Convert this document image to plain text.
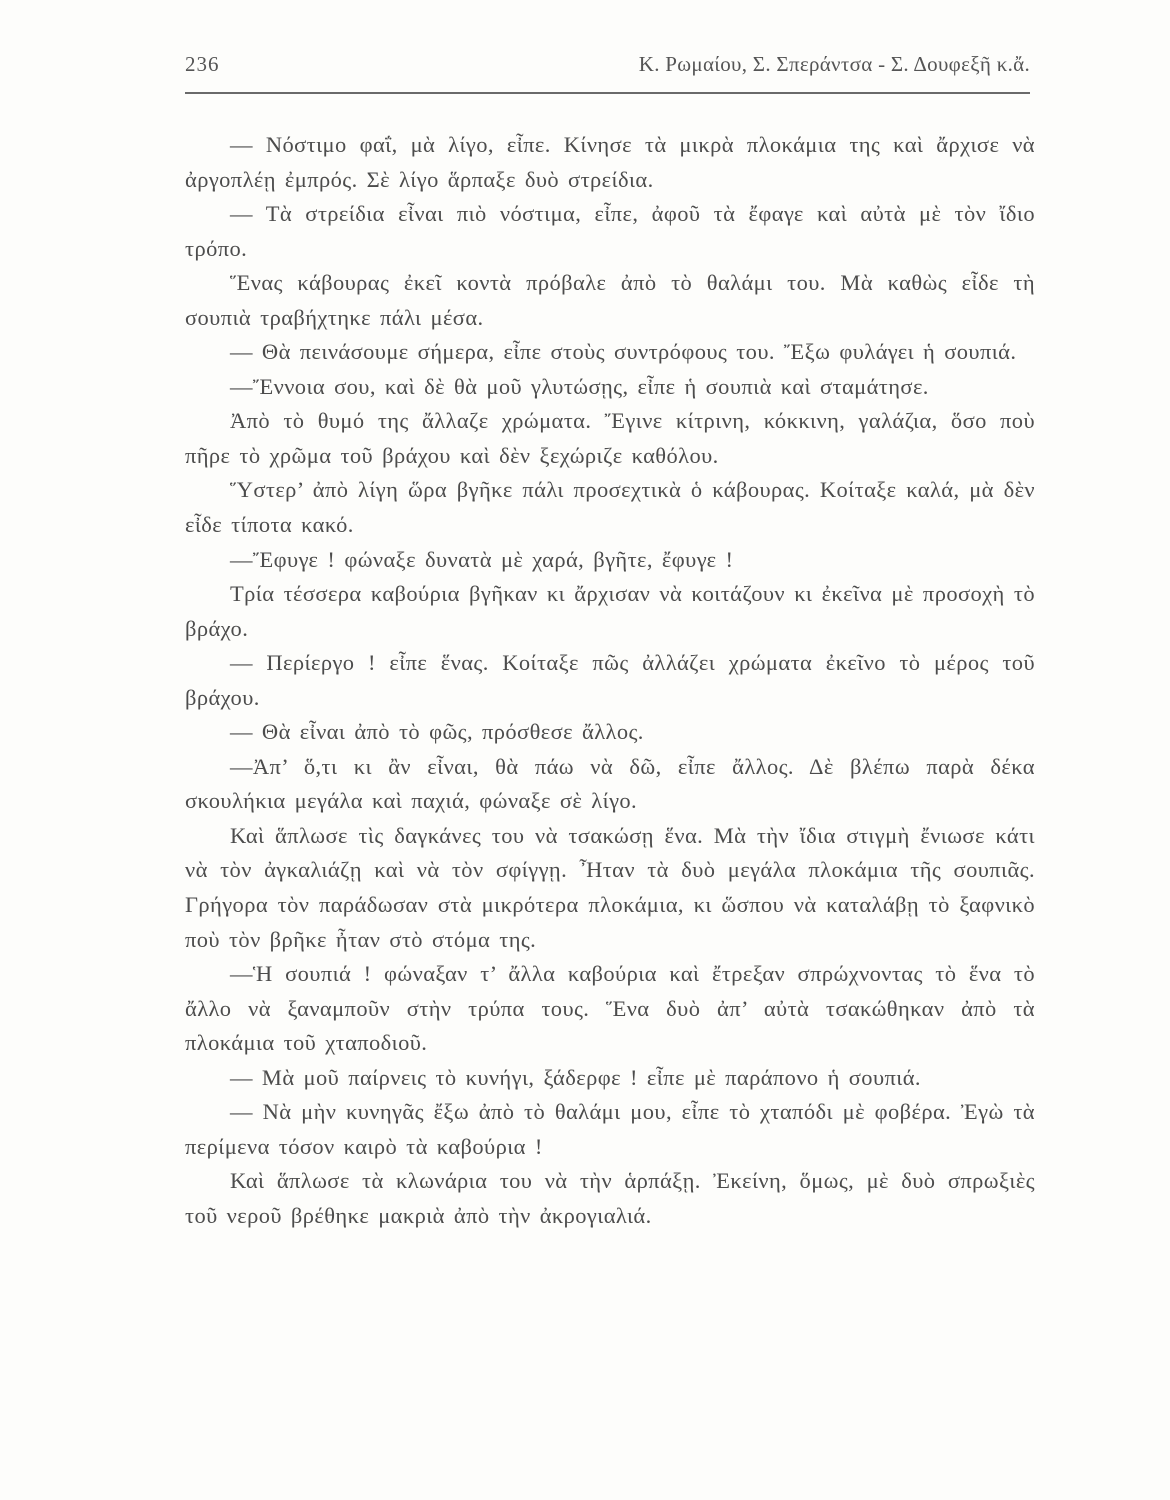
236	Κ. Ρωμαίου, Σ. Σπεράντσα - Σ. Δουφεξῆ κ.ἄ.

— Νόστιμο φαΐ, μὰ λίγο, εἶπε. Κίνησε τὰ μικρὰ πλοκάμια της καὶ ἄρχισε νὰ ἀργοπλέῃ ἐμπρός. Σὲ λίγο ἅρπαξε δυὸ στρείδια.

— Τὰ στρείδια εἶναι πιὸ νόστιμα, εἶπε, ἀφοῦ τὰ ἔφαγε καὶ αὐτὰ μὲ τὸν ἴδιο τρόπο.

Ἕνας κάβουρας ἐκεῖ κοντὰ πρόβαλε ἀπὸ τὸ θαλάμι του. Μὰ καθὼς εἶδε τὴ σουπιὰ τραβήχτηκε πάλι μέσα.

— Θὰ πεινάσουμε σήμερα, εἶπε στοὺς συντρόφους του. Ἔξω φυλάγει ἡ σουπιά.

—Ἔννοια σου, καὶ δὲ θὰ μοῦ γλυτώσῃς, εἶπε ἡ σουπιὰ καὶ σταμάτησε.

Ἀπὸ τὸ θυμό της ἄλλαζε χρώματα. Ἔγινε κίτρινη, κόκκινη, γαλάζια, ὅσο ποὺ πῆρε τὸ χρῶμα τοῦ βράχου καὶ δὲν ξεχώριζε καθόλου.

Ὕστερ’ ἀπὸ λίγη ὥρα βγῆκε πάλι προσεχτικὰ ὁ κάβουρας. Κοίταξε καλά, μὰ δὲν εἶδε τίποτα κακό.

—Ἔφυγε ! φώναξε δυνατὰ μὲ χαρά, βγῆτε, ἔφυγε !

Τρία τέσσερα καβούρια βγῆκαν κι ἄρχισαν νὰ κοιτάζουν κι ἐκεῖνα μὲ προσοχὴ τὸ βράχο.

— Περίεργο ! εἶπε ἕνας. Κοίταξε πῶς ἀλλάζει χρώματα ἐκεῖνο τὸ μέρος τοῦ βράχου.

— Θὰ εἶναι ἀπὸ τὸ φῶς, πρόσθεσε ἄλλος.

—Ἀπ’ ὅ,τι κι ἂν εἶναι, θὰ πάω νὰ δῶ, εἶπε ἄλλος. Δὲ βλέπω παρὰ δέκα σκουλήκια μεγάλα καὶ παχιά, φώναξε σὲ λίγο.

Καὶ ἅπλωσε τὶς δαγκάνες του νὰ τσακώσῃ ἕνα. Μὰ τὴν ἴδια στιγμὴ ἔνιωσε κάτι νὰ τὸν ἀγκαλιάζῃ καὶ νὰ τὸν σφίγγῃ. Ἦταν τὰ δυὸ μεγάλα πλοκάμια τῆς σουπιᾶς. Γρήγορα τὸν παράδωσαν στὰ μικρότερα πλοκάμια, κι ὥσπου νὰ καταλάβῃ τὸ ξαφνικὸ ποὺ τὸν βρῆκε ἦταν στὸ στόμα της.

—Ἡ σουπιά ! φώναξαν τ’ ἄλλα καβούρια καὶ ἔτρεξαν σπρώχνοντας τὸ ἕνα τὸ ἄλλο νὰ ξαναμποῦν στὴν τρύπα τους. Ἕνα δυὸ ἀπ’ αὐτὰ τσακώθηκαν ἀπὸ τὰ πλοκάμια τοῦ χταποδιοῦ.

— Μὰ μοῦ παίρνεις τὸ κυνήγι, ξάδερφε ! εἶπε μὲ παράπονο ἡ σουπιά.

— Νὰ μὴν κυνηγᾶς ἔξω ἀπὸ τὸ θαλάμι μου, εἶπε τὸ χταπόδι μὲ φοβέρα. Ἐγὼ τὰ περίμενα τόσον καιρὸ τὰ καβούρια !

Καὶ ἅπλωσε τὰ κλωνάρια του νὰ τὴν ἁρπάξῃ. Ἐκείνη, ὅμως, μὲ δυὸ σπρωξιὲς τοῦ νεροῦ βρέθηκε μακριὰ ἀπὸ τὴν ἀκρογιαλιά.
